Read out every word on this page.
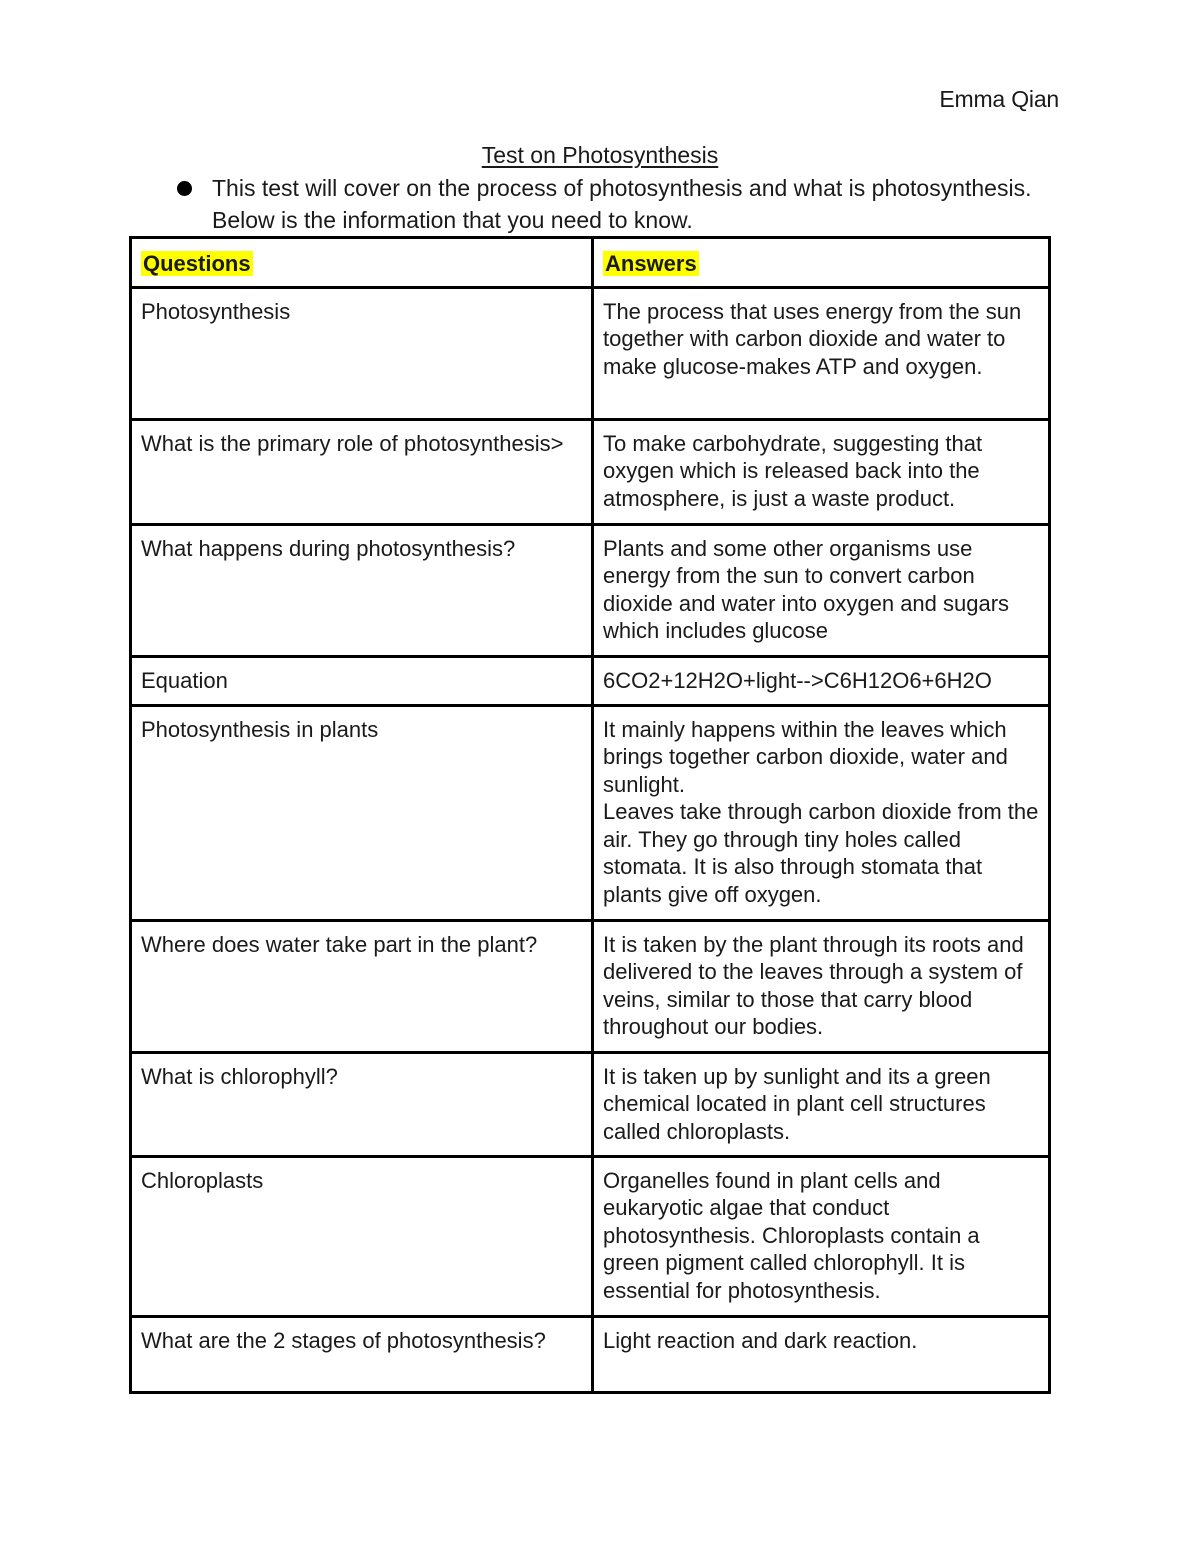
Emma Qian
Test on Photosynthesis
This test will cover on the process of photosynthesis and what is photosynthesis. Below is the information that you need to know.
Questions	Answers
Photosynthesis	The process that uses energy from the sun together with carbon dioxide and water to make glucose-makes ATP and oxygen.
What is the primary role of photosynthesis>	To make carbohydrate, suggesting that oxygen which is released back into the atmosphere, is just a waste product.
What happens during photosynthesis?	Plants and some other organisms use energy from the sun to convert carbon dioxide and water into oxygen and sugars which includes glucose
Equation	6CO2+12H2O+light-->C6H12O6+6H2O
Photosynthesis in plants	It mainly happens within the leaves which brings together carbon dioxide, water and sunlight.
Leaves take through carbon dioxide from the air. They go through tiny holes called stomata. It is also through stomata that plants give off oxygen.
Where does water take part in the plant?	It is taken by the plant through its roots and delivered to the leaves through a system of veins, similar to those that carry blood throughout our bodies.
What is chlorophyll?	It is taken up by sunlight and its a green chemical located in plant cell structures called chloroplasts.
Chloroplasts	Organelles found in plant cells and eukaryotic algae that conduct photosynthesis. Chloroplasts contain a green pigment called chlorophyll. It is essential for photosynthesis.
What are the 2 stages of photosynthesis?	Light reaction and dark reaction.
